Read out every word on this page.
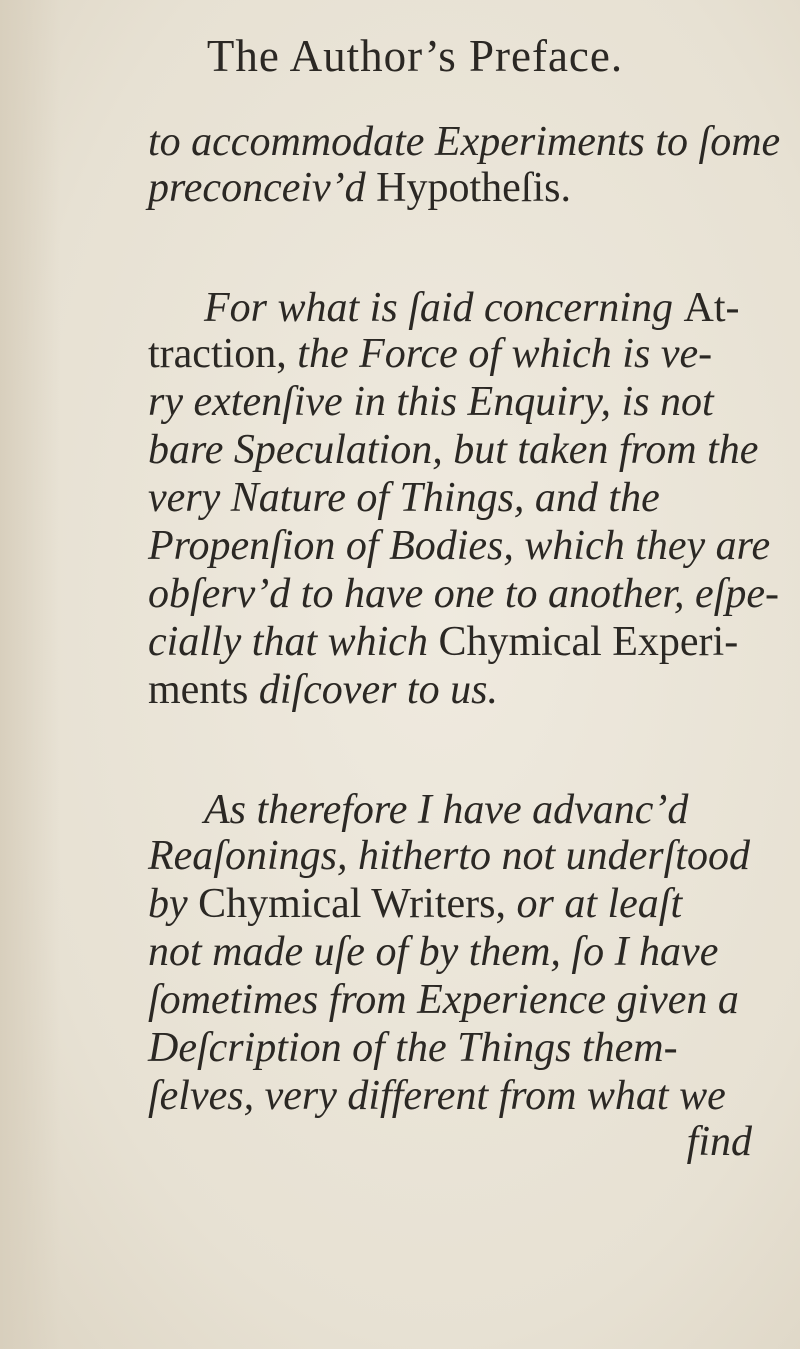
The Author’s Preface.
to accommodate Experiments to ſome
preconceiv’d Hypotheſis.
For what is ſaid concerning At-
traction, the Force of which is ve-
ry extenſive in this Enquiry, is not
bare Speculation, but taken from the
very Nature of Things, and the
Propenſion of Bodies, which they are
obſerv’d to have one to another, eſpe-
cially that which Chymical Experi-
ments diſcover to us.
As therefore I have advanc’d
Reaſonings, hitherto not underſtood
by Chymical Writers, or at leaſt
not made uſe of by them, ſo I have
ſometimes from Experience given a
Deſcription of the Things them-
ſelves, very different from what we
find
